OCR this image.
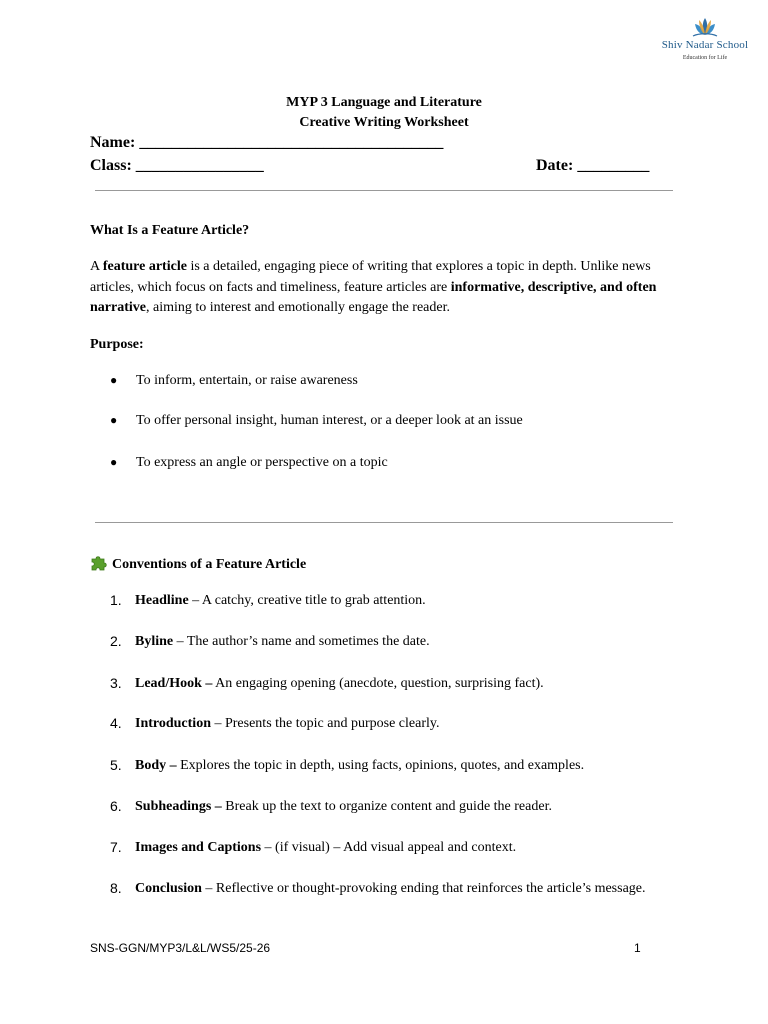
Shiv Nadar School
Education for Life
MYP 3 Language and Literature
Creative Writing Worksheet
Name: ______________________________________
Class: ________________	Date: _________
What Is a Feature Article?
A feature article is a detailed, engaging piece of writing that explores a topic in depth. Unlike news articles, which focus on facts and timeliness, feature articles are informative, descriptive, and often narrative, aiming to interest and emotionally engage the reader.
Purpose:
● To inform, entertain, or raise awareness
● To offer personal insight, human interest, or a deeper look at an issue
● To express an angle or perspective on a topic
Conventions of a Feature Article
1. Headline – A catchy, creative title to grab attention.
2. Byline – The author’s name and sometimes the date.
3. Lead/Hook – An engaging opening (anecdote, question, surprising fact).
4. Introduction – Presents the topic and purpose clearly.
5. Body – Explores the topic in depth, using facts, opinions, quotes, and examples.
6. Subheadings – Break up the text to organize content and guide the reader.
7. Images and Captions – (if visual) – Add visual appeal and context.
8. Conclusion – Reflective or thought-provoking ending that reinforces the article’s message.
SNS-GGN/MYP3/L&L/WS5/25-26	1
